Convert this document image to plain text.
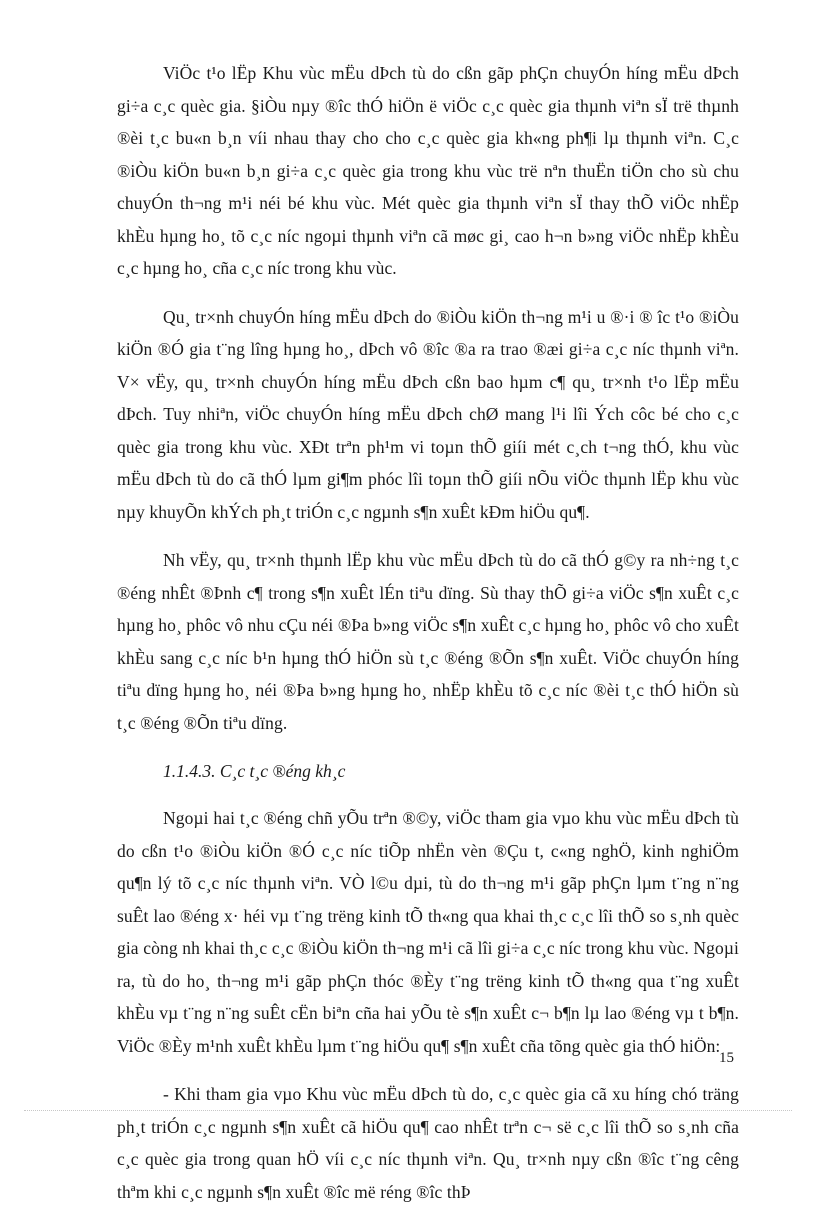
ViÖc t¹o lËp Khu vùc mËu dÞch tù do cßn gãp phÇn chuyÓn híng mËu dÞch gi÷a c¸c quèc gia. §iÒu nµy ®îc thÓ hiÖn ë viÖc c¸c quèc gia thµnh viªn sÏ trë thµnh ®èi t¸c bu«n b¸n víi nhau thay cho cho c¸c quèc gia kh«ng ph¶i lµ thµnh viªn. C¸c ®iÒu kiÖn bu«n b¸n gi÷a c¸c quèc gia trong khu vùc trë nªn thuËn tiÖn cho sù chu chuyÓn th¬ng m¹i néi bé khu vùc. Mét quèc gia thµnh viªn sÏ thay thÕ viÖc nhËp khÈu hµng ho¸ tõ c¸c níc ngoµi thµnh viªn cã møc gi¸ cao h¬n b»ng viÖc nhËp khÈu c¸c hµng ho¸ cña c¸c níc trong khu vùc.

Qu¸ tr×nh chuyÓn híng mËu dÞch do ®iÒu kiÖn th¬ng m¹i u ®·i ® îc t¹o ®iÒu kiÖn ®Ó gia t¨ng lîng hµng ho¸, dÞch vô ®îc ®a ra trao ®æi gi÷a c¸c níc thµnh viªn. V× vËy, qu¸ tr×nh chuyÓn híng mËu dÞch cßn bao hµm c¶ qu¸ tr×nh t¹o lËp mËu dÞch. Tuy nhiªn, viÖc chuyÓn híng mËu dÞch chØ mang l¹i lîi Ých côc bé cho c¸c quèc gia trong khu vùc. XÐt trªn ph¹m vi toµn thÕ giíi mét c¸ch t¬ng thÓ, khu vùc mËu dÞch tù do cã thÓ lµm gi¶m phóc lîi toµn thÕ giíi nÕu viÖc thµnh lËp khu vùc nµy khuyÕn khÝch ph¸t triÓn c¸c ngµnh s¶n xuÊt kÐm hiÖu qu¶.

Nh vËy, qu¸ tr×nh thµnh lËp khu vùc mËu dÞch tù do cã thÓ g©y ra nh÷ng t¸c ®éng nhÊt ®Þnh c¶ trong s¶n xuÊt lÉn tiªu dïng. Sù thay thÕ gi÷a viÖc s¶n xuÊt c¸c hµng ho¸ phôc vô nhu cÇu néi ®Þa b»ng viÖc s¶n xuÊt c¸c hµng ho¸ phôc vô cho xuÊt khÈu sang c¸c níc b¹n hµng thÓ hiÖn sù t¸c ®éng ®Õn s¶n xuÊt. ViÖc chuyÓn híng tiªu dïng hµng ho¸ néi ®Þa b»ng hµng ho¸ nhËp khÈu tõ c¸c níc ®èi t¸c thÓ hiÖn sù t¸c ®éng ®Õn tiªu dïng.

1.1.4.3. C¸c t¸c ®éng kh¸c

Ngoµi hai t¸c ®éng chñ yÕu trªn ®©y, viÖc tham gia vµo khu vùc mËu dÞch tù do cßn t¹o ®iÒu kiÖn ®Ó c¸c níc tiÕp nhËn vèn ®Çu t, c«ng nghÖ, kinh nghiÖm qu¶n lý tõ c¸c níc thµnh viªn. VÒ l©u dµi, tù do th¬ng m¹i gãp phÇn lµm t¨ng n¨ng suÊt lao ®éng x· héi vµ t¨ng trëng kinh tÕ th«ng qua khai th¸c c¸c lîi thÕ so s¸nh quèc gia còng nh khai th¸c c¸c ®iÒu kiÖn th¬ng m¹i cã lîi gi÷a c¸c níc trong khu vùc. Ngoµi ra, tù do ho¸ th¬ng m¹i gãp phÇn thóc ®Èy t¨ng trëng kinh tÕ th«ng qua t¨ng xuÊt khÈu vµ t¨ng n¨ng suÊt cËn biªn cña hai yÕu tè s¶n xuÊt c¬ b¶n lµ lao ®éng vµ t b¶n. ViÖc ®Èy m¹nh xuÊt khÈu lµm t¨ng hiÖu qu¶ s¶n xuÊt cña tõng quèc gia thÓ hiÖn:

- Khi tham gia vµo Khu vùc mËu dÞch tù do, c¸c quèc gia cã xu híng chó träng ph¸t triÓn c¸c ngµnh s¶n xuÊt cã hiÖu qu¶ cao nhÊt trªn c¬ së c¸c lîi thÕ so s¸nh cña c¸c quèc gia trong quan hÖ víi c¸c níc thµnh viªn. Qu¸ tr×nh nµy cßn ®îc t¨ng cêng thªm khi c¸c ngµnh s¶n xuÊt ®îc më réng ®îc thÞ

15
